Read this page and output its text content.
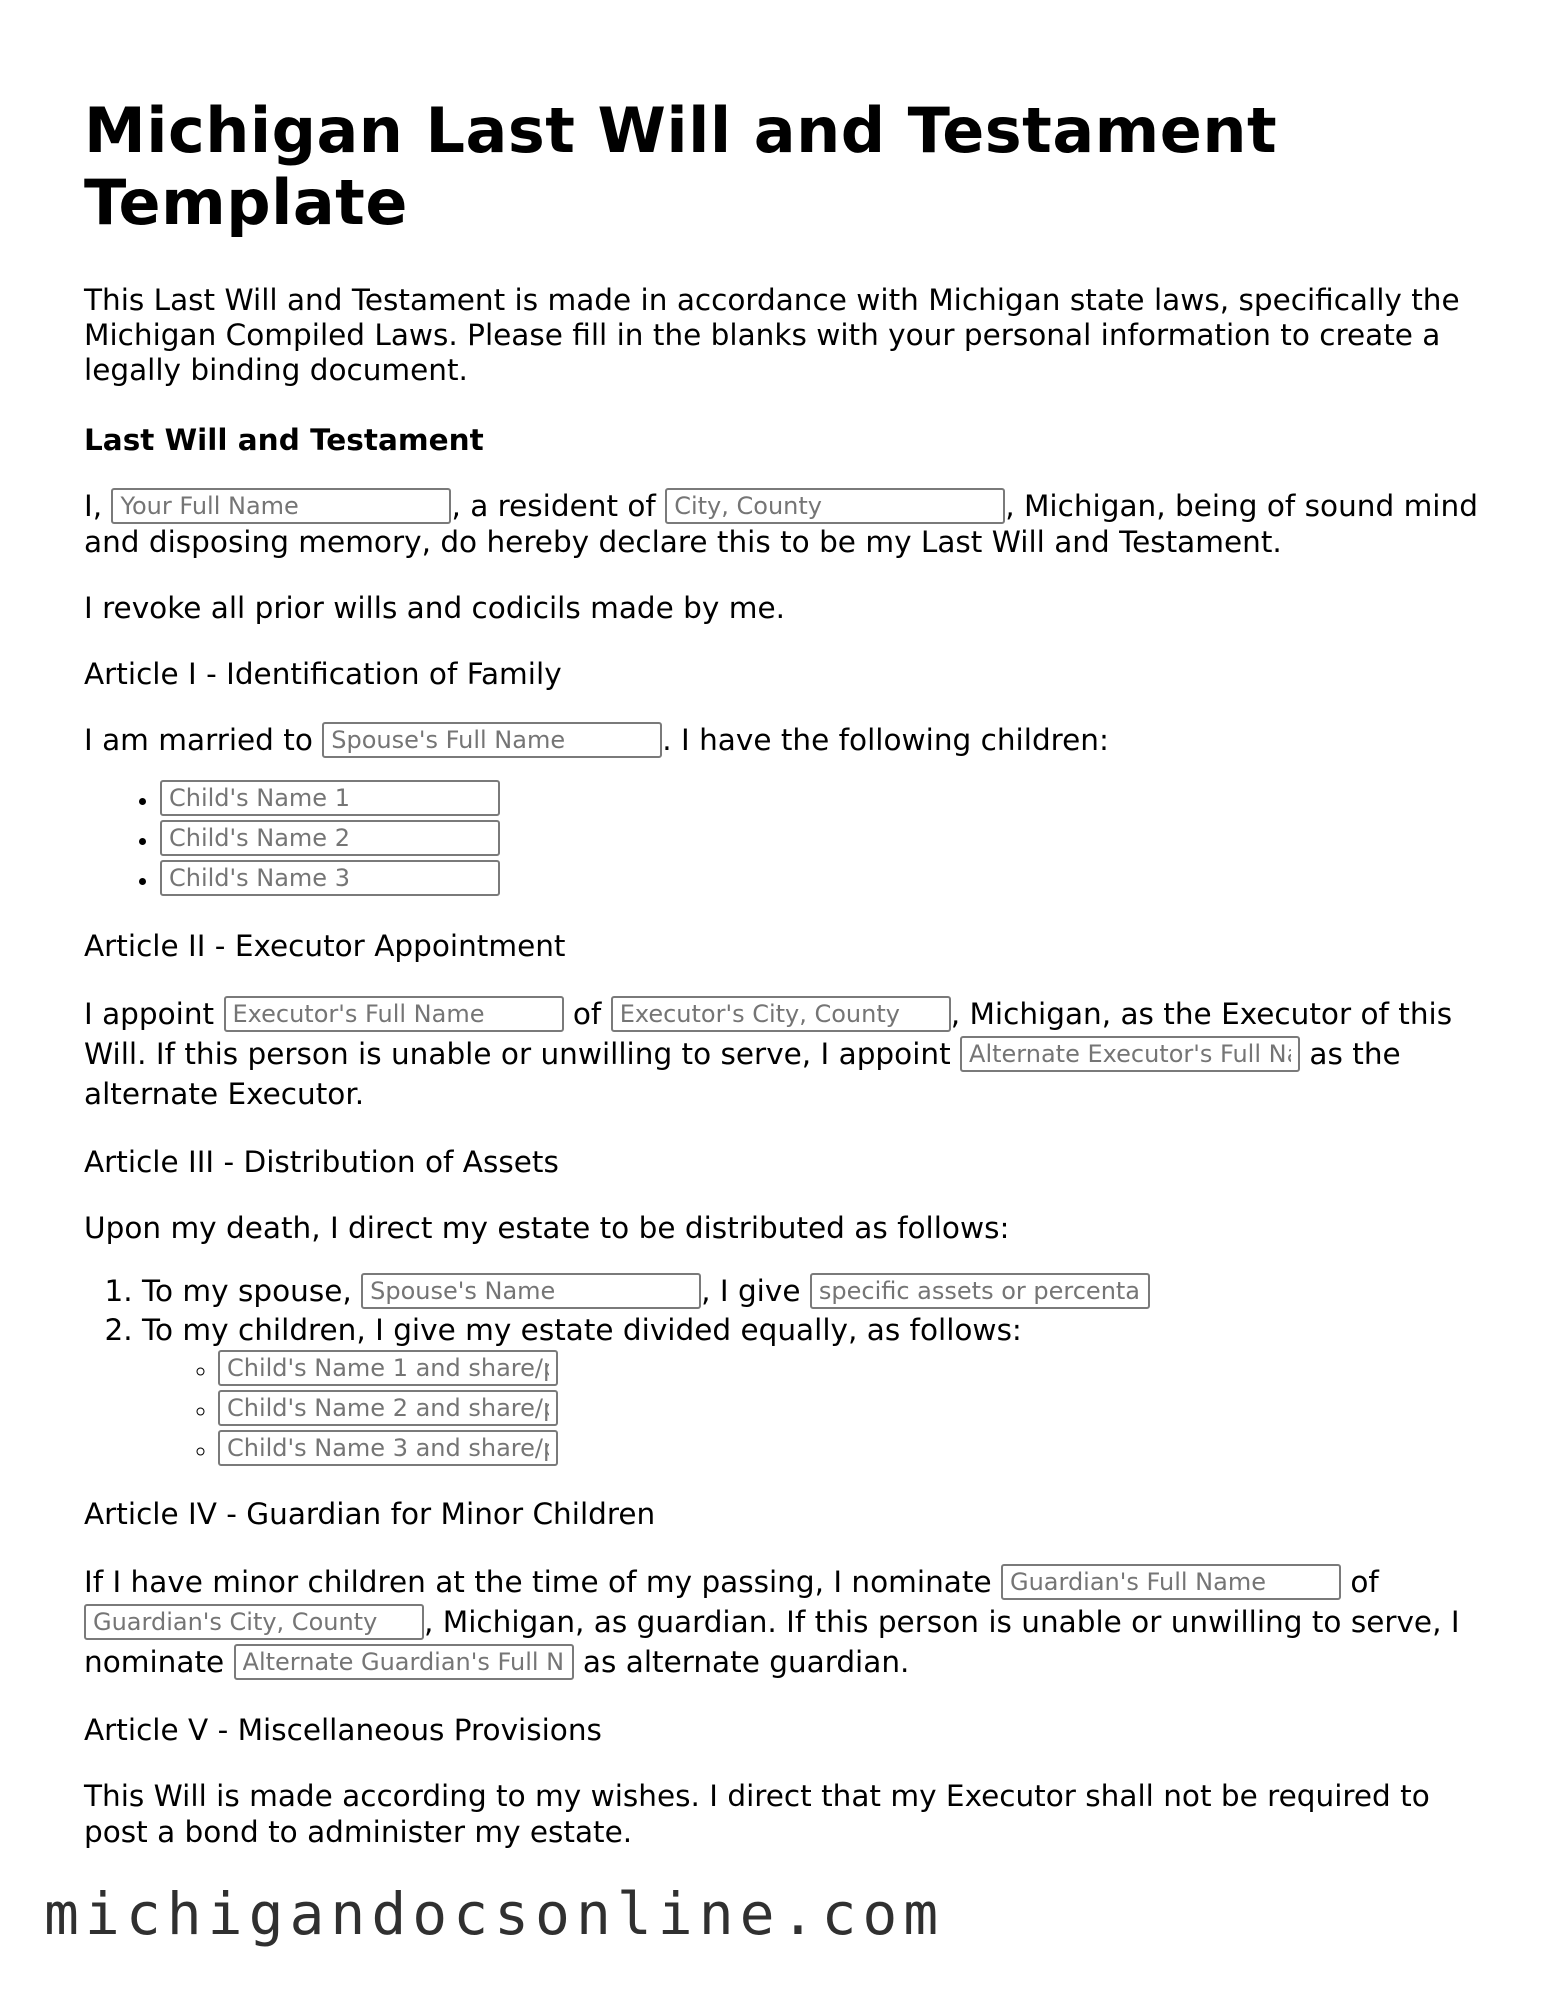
Michigan Last Will and Testament Template

This Last Will and Testament is made in accordance with Michigan state laws, specifically the Michigan Compiled Laws. Please fill in the blanks with your personal information to create a legally binding document.

Last Will and Testament

I, Your Full Name	, a resident of City, County	, Michigan, being of sound mind and disposing memory, do hereby declare this to be my Last Will and Testament.

I revoke all prior wills and codicils made by me.

Article I - Identification of Family

I am married to Spouse's Full Name	. I have the following children:

• Child's Name 1
• Child's Name 2
• Child's Name 3

Article II - Executor Appointment

I appoint Executor's Full Name	of Executor's City, County	, Michigan, as the Executor of this Will. If this person is unable or unwilling to serve, I appoint Alternate Executor's Full Name	as the alternate Executor.

Article III - Distribution of Assets

Upon my death, I direct my estate to be distributed as follows:

1. To my spouse, Spouse's Name	, I give specific assets or percentage
2. To my children, I give my estate divided equally, as follows:
◦ Child's Name 1 and share/percentage
◦ Child's Name 2 and share/percentage
◦ Child's Name 3 and share/percentage

Article IV - Guardian for Minor Children

If I have minor children at the time of my passing, I nominate Guardian's Full Name	of Guardian's City, County, Michigan, as guardian. If this person is unable or unwilling to serve, I nominate Alternate Guardian's Full Name	as alternate guardian.

Article V - Miscellaneous Provisions

This Will is made according to my wishes. I direct that my Executor shall not be required to post a bond to administer my estate.

michigandocsonline.com
